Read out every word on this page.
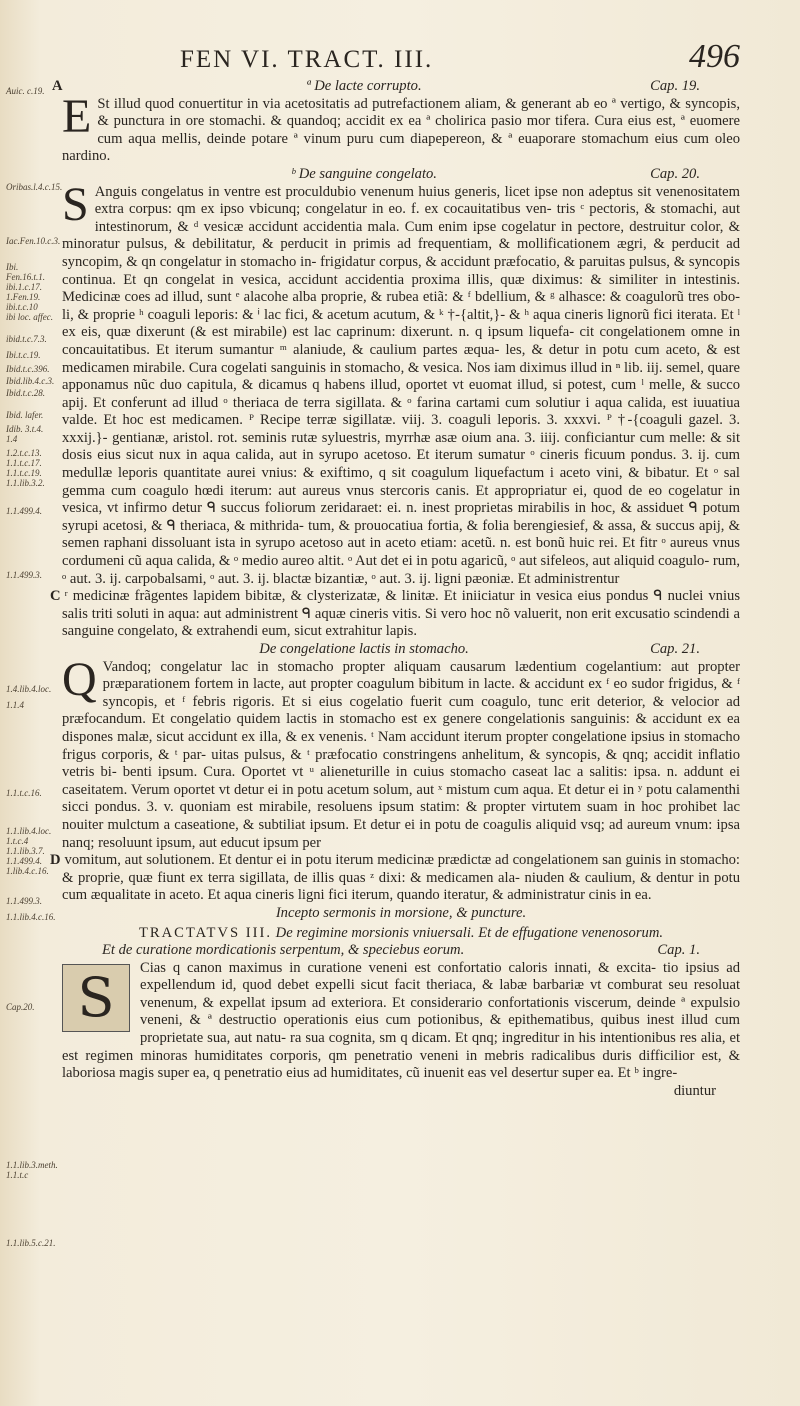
FEN VI. TRACT. III.	496
Auic. c.19.
Oribas.l.4.c.15.
Iac.Fen.10.c.3.
Ibi. Fen.16.t.1.
ibi.1.c.17.
1.Fen.19.
ibi.t.c.10
ibi loc. affec.
ibid.t.c.7.3.
Ibi.t.c.19.
Ibid.t.c.396.
Ibid.lib.4.c.3.
Ibid.t.c.28.
Ibid. lafer.
Idib. 3.t.4.
1.4
1.2.t.c.13.
1.1.t.c.17.
1.1.t.c.19.
1.1.lib.3.2.
1.1.499.4.
1.1.499.3.
1.4.lib.4.loc.
1.1.4
1.1.t.c.16.
1.1.lib.4.loc.
1.t.c.4
1.1.lib.3.7.
1.1.499.4.
1.lib.4.c.16.
1.1.499.3.
1.1.lib.4.c.16.
Cap.20.
1.1.lib.3.meth.
1.1.t.c
1.1.lib.5.c.21.
A	ª De lacte corrupto.	Cap. 19.

E St illud quod conuertitur in via acetositatis ad putrefactionem aliam, & generant ab eo ª vertigo, & syncopis, & punctura in ore stomachi. & quandoq; accidit ex ea ª cholirica pasio mor tifera. Cura eius est, ª euomere cum aqua mellis, deinde potare ª vinum puru cum diapepereon, & ª euaporare stomachum eius cum oleo nardino.

ᵇ De sanguine congelato.	Cap. 20.

S Anguis congelatus in ventre est proculdubio venenum huius generis, licet ipse non adeptus sit venenositatem extra corpus: qm ex ipso vbicunq; congelatur in eo. f. ex cocauitatibus ven- tris ᶜ pectoris, & stomachi, aut intestinorum, & ᵈ vesicæ accidunt accidentia mala. Cum enim ipse cogelatur in pectore, destruitur color, & minoratur pulsus, & debilitatur, & perducit in primis ad frequentiam, & mollificationem ægri, & perducit ad syncopim, & qn congelatur in stomacho in- frigidatur corpus, & accidunt præfocatio, & paruitas pulsus, & syncopis continua. Et qn congelat in vesica, accidunt accidentia proxima illis, quæ diximus: & similiter in intestinis. Medicinæ coes ad illud, sunt ᵉ alacohe alba proprie, & rubea etiã: & ᶠ bdellium, & ᵍ alhasce: & coagulorũ tres obo- li, & proprie ʰ coaguli leporis: & ⁱ lac fici, & acetum acutum, & ᵏ †-{altit,}- & ʰ aqua cineris lignorũ fici iterata. Et ˡ ex eis, quæ dixerunt (& est mirabile) est lac caprinum: dixerunt. n. q ipsum liquefa- cit congelationem omne in concauitatibus. Et iterum sumantur ᵐ alaniude, & caulium partes æqua- les, & detur in potu cum aceto, & est medicamen mirabile. Cura cogelati sanguinis in stomacho, & vesica. Nos iam diximus illud in ⁿ lib. iij. semel, quare apponamus nũc duo capitula, & dicamus q habens illud, oportet vt euomat illud, si potest, cum ˡ melle, & succo apij. Et conferunt ad illud ᵒ theriaca de terra sigillata. & ᵒ farina cartami cum solutiur i aqua calida, est iuuatiua valde. Et hoc est medicamen. ᴾ Recipe terræ sigillatæ. viij. 3. coaguli leporis. 3. xxxvi. ᴾ †-{coaguli gazel. 3. xxxij.}- gentianæ, aristol. rot. seminis rutæ syluestris, myrrhæ asæ oium ana. 3. iiij. conficiantur cum melle: & sit dosis eius sicut nux in aqua calida, aut in syrupo acetoso. Et iterum sumatur ᵒ cineris ficuum pondus. 3. ij. cum medullæ leporis quantitate aurei vnius: & exiftimo, q sit coagulum liquefactum i aceto vini, & bibatur. Et ᵒ sal gemma cum coagulo hœdi iterum: aut aureus vnus stercoris canis. Et appropriatur ei, quod de eo cogelatur in vesica, vt infirmo detur ᑫ succus foliorum zeridaraet: ei. n. inest proprietas mirabilis in hoc, & assiduet ᑫ potum syrupi acetosi, & ᑫ theriaca, & mithrida- tum, & prouocatiua fortia, & folia berengiesief, & assa, & succus apij, & semen raphani dissoluant ista in syrupo acetoso aut in aceto etiam: acetũ. n. est bonũ huic rei. Et fitr ᵒ aureus vnus cordumeni cũ aqua calida, & ᵒ medio aureo altit. ᵒ Aut det ei in potu agaricũ, ᵒ aut sifeleos, aut aliquid coagulo- rum, ᵒ aut. 3. ij. carpobalsami, ᵒ aut. 3. ij. blactæ bizantiæ, ᵒ aut. 3. ij. ligni pæoniæ. Et administrentur

C ʳ medicinæ frãgentes lapidem bibitæ, & clysterizatæ, & linitæ. Et iniiciatur in vesica eius pondus ᑫ nuclei vnius salis triti soluti in aqua: aut administrent ᑫ aquæ cineris vitis. Si vero hoc nõ valuerit, non erit excusatio scindendi a sanguine congelato, & extrahendi eum, sicut extrahitur lapis.

De congelatione lactis in stomacho.	Cap. 21.

Q Vandoq; congelatur lac in stomacho propter aliquam causarum lædentium cogelantium: aut propter præparationem fortem in lacte, aut propter coagulum bibitum in lacte. & accidunt ex ᶠ eo sudor frigidus, & ᶠ syncopis, et ᶠ febris rigoris. Et si eius cogelatio fuerit cum coagulo, tunc erit deterior, & velocior ad præfocandum. Et congelatio quidem lactis in stomacho est ex genere congelationis sanguinis: & accidunt ex ea dispones malæ, sicut accidunt ex illa, & ex venenis. ᵗ Nam accidunt iterum propter congelatione ipsius in stomacho frigus corporis, & ᵗ par- uitas pulsus, & ᵗ præfocatio constringens anhelitum, & syncopis, & qnq; accidit inflatio vetris bi- benti ipsum. Cura. Oportet vt ᵘ alieneturille in cuius stomacho caseat lac a salitis: ipsa. n. addunt ei caseitatem. Verum oportet vt detur ei in potu acetum solum, aut ˣ mistum cum aqua. Et detur ei in ʸ potu calamenthi sicci pondus. 3. v. quoniam est mirabile, resoluens ipsum statim: & propter virtutem suam in hoc prohibet lac nouiter mulctum a caseatione, & subtiliat ipsum. Et detur ei in potu de coagulis aliquid vsq; ad aureum vnum: ipsa nanq; resoluunt ipsum, aut educut ipsum per

D vomitum, aut solutionem. Et dentur ei in potu iterum medicinæ prædictæ ad congelationem san guinis in stomacho: & proprie, quæ fiunt ex terra sigillata, de illis quas ᶻ dixi: & medicamen ala- niuden & caulium, & dentur in potu cum æqualitate in aceto. Et aqua cineris ligni fici iterum, quando iteratur, & administratur cinis in ea.

Incepto sermonis in morsione, & puncture.
TRACTATVS III. De regimine morsionis vniuersali. Et de effugatione venenosorum.
Et de curatione mordicationis serpentum, & speciebus eorum.	Cap. 1.

S	Cias q canon maximus in curatione veneni est confortatio caloris innati, & excita- tio ipsius ad expellendum id, quod debet expelli sicut facit theriaca, & labæ barbariæ vt comburat seu resoluat venenum, & expellat ipsum ad exteriora. Et considerario confortationis viscerum, deinde ª expulsio veneni, & ª destructio operationis eius cum potionibus, & epithematibus, quibus inest illud cum proprietate sua, aut natu- ra sua cognita, sm q dicam. Et qnq; ingreditur in his intentionibus res alia, et est regimen minoras humiditates corporis, qm penetratio veneni in mebris radicalibus duris difficilior est, & laboriosa magis super ea, q penetratio eius ad humiditates, cũ inuenit eas vel desertur super ea. Et ᵇ ingre-

diuntur
